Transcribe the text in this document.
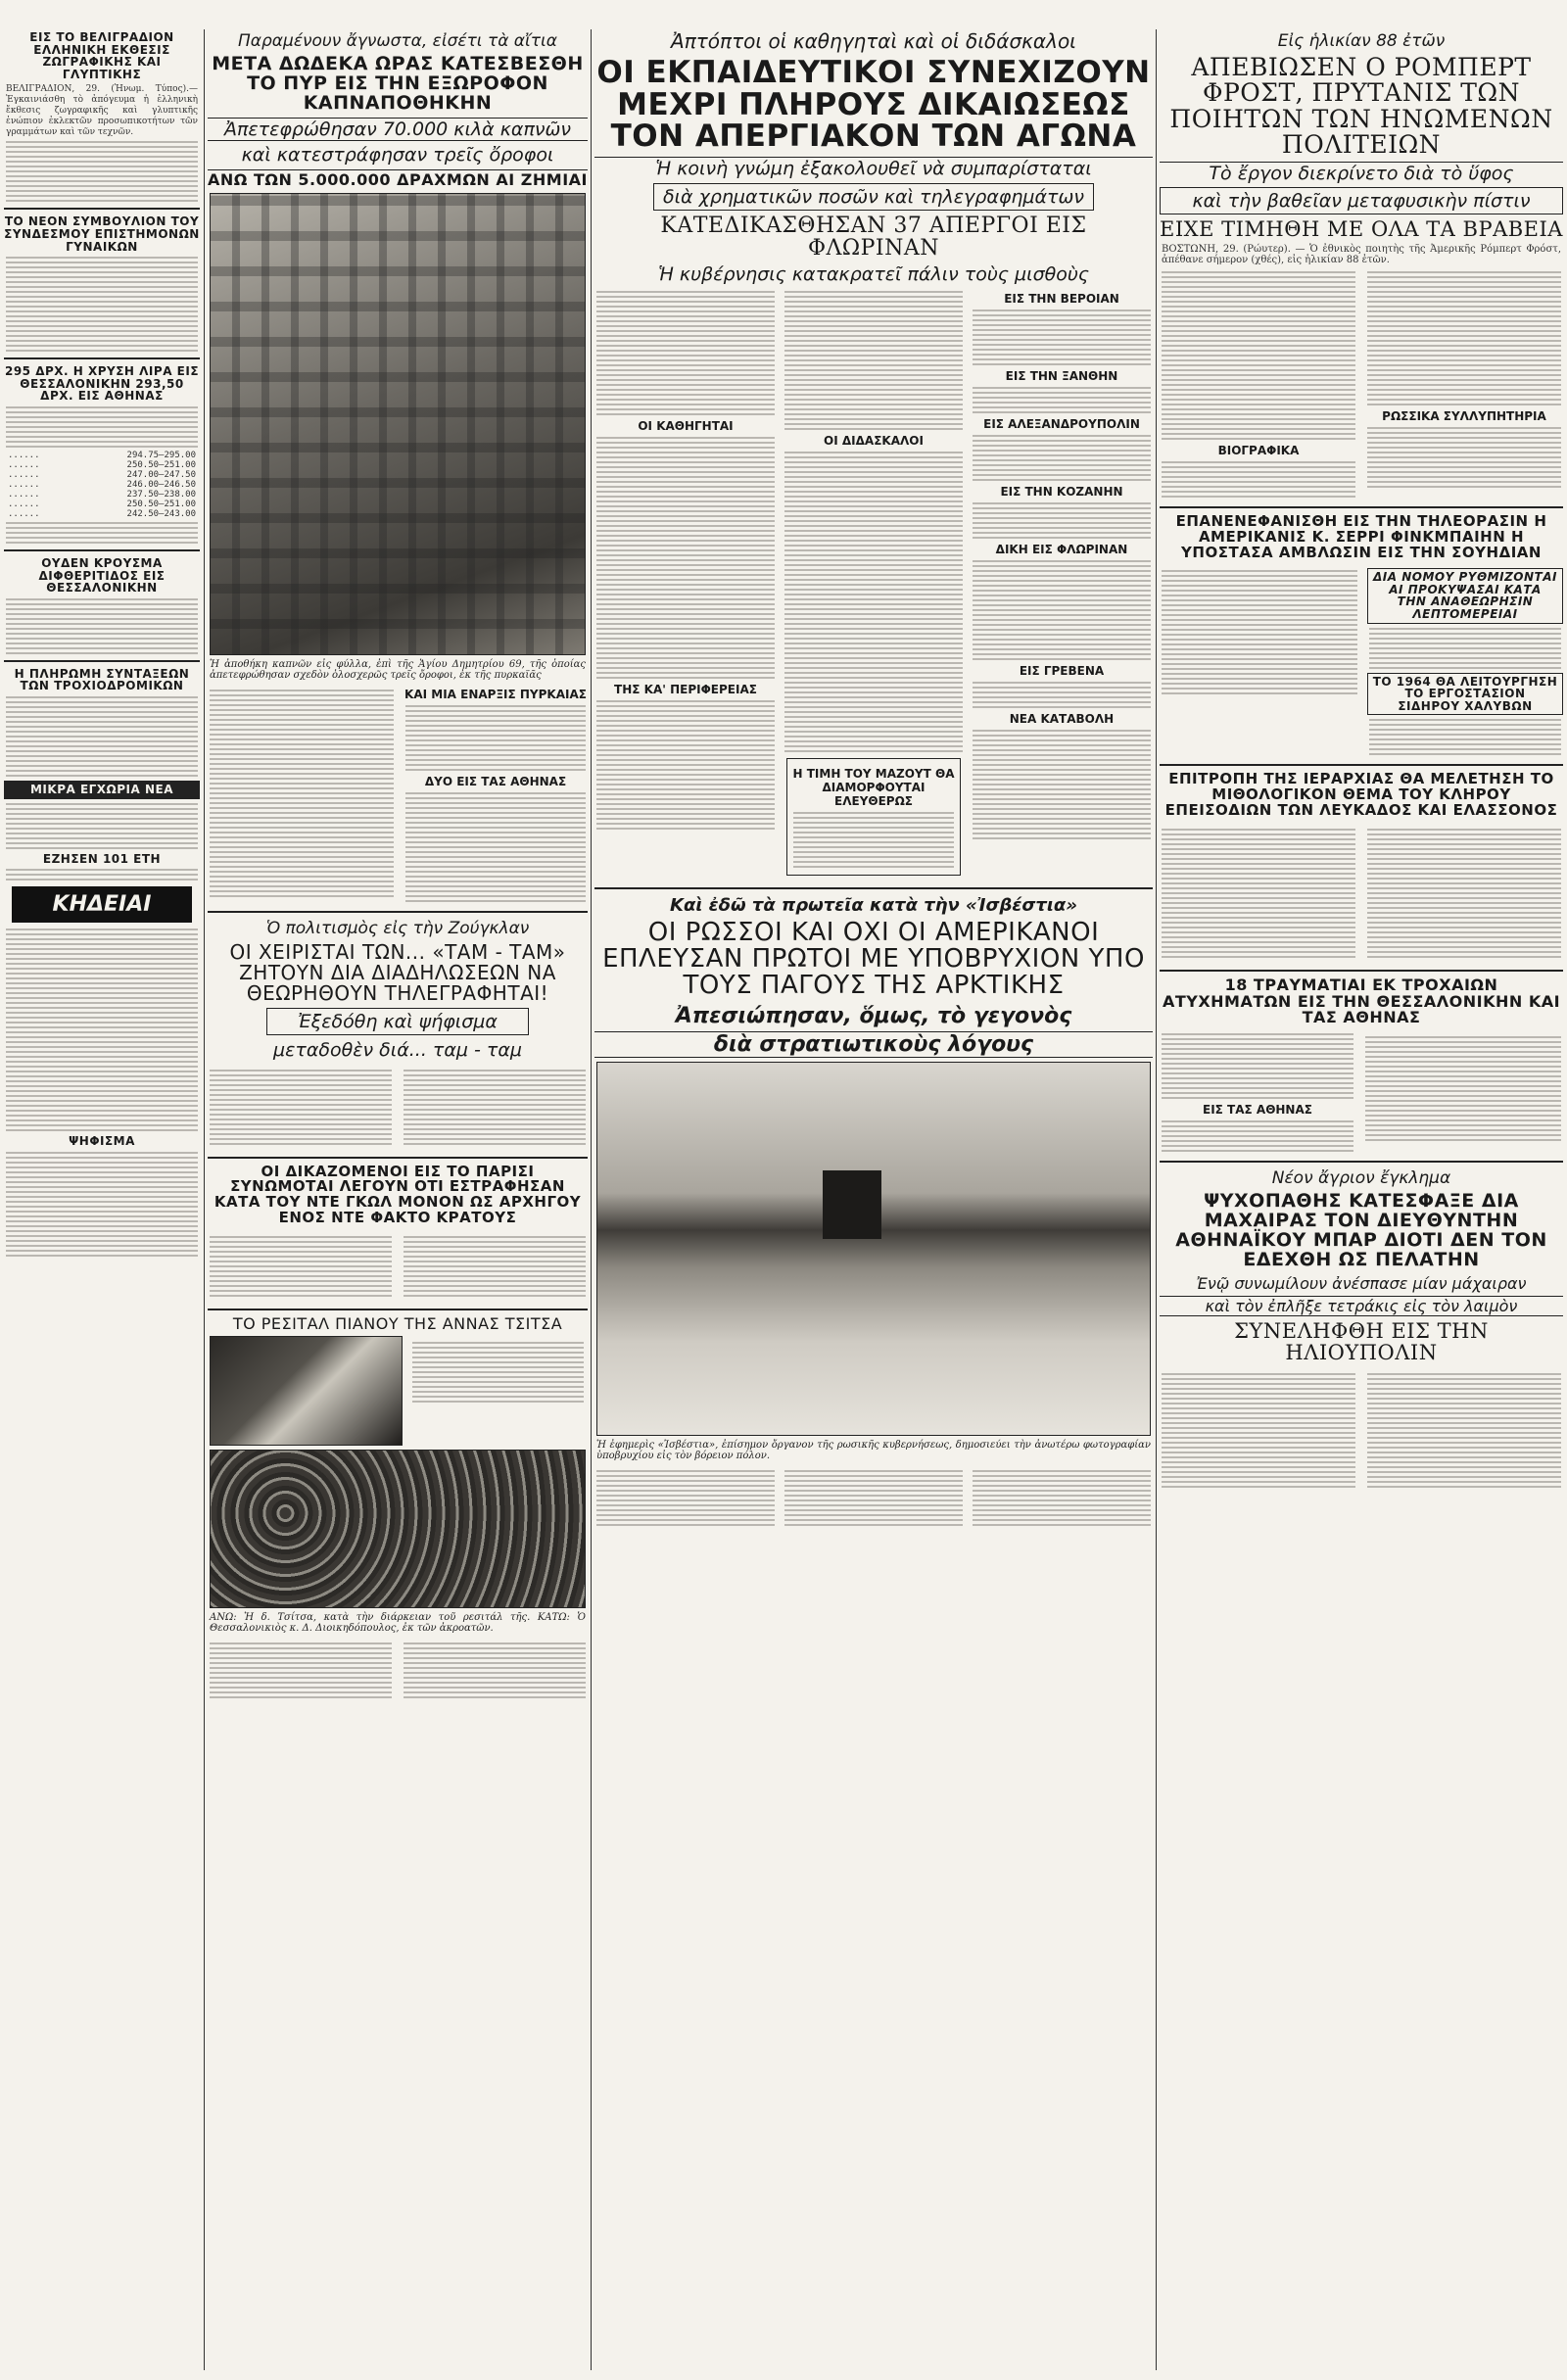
ΕΙΣ ΤΟ ΒΕΛΙΓΡΑΔΙΟΝ ΕΛΛΗΝΙΚΗ ΕΚΘΕΣΙΣ ΖΩΓΡΑΦΙΚΗΣ ΚΑΙ ΓΛΥΠΤΙΚΗΣ
ΒΕΛΙΓΡΑΔΙΟΝ, 29. (Ἠνωμ. Τύπος).— Ἐγκαινιάσθη τὸ ἀπόγευμα ἡ ἐλληνικὴ ἔκθεσις ζωγραφικῆς καὶ γλυπτικῆς ἐνώπιον ἐκλεκτῶν προσωπικοτήτων τῶν γραμμάτων καὶ τῶν τεχνῶν.
ΤΟ ΝΕΟΝ ΣΥΜΒΟΥΛΙΟΝ ΤΟΥ ΣΥΝΔΕΣΜΟΥ ΕΠΙΣΤΗΜΟΝΩΝ ΓΥΝΑΙΚΩΝ
295 ΔΡΧ. Η ΧΡΥΣΗ ΛΙΡΑ ΕΙΣ ΘΕΣΣΑΛΟΝΙΚΗΝ 293,50 ΔΡΧ. ΕΙΣ ΑΘΗΝΑΣ
......	294.75—295.00
......	250.50—251.00
......	247.00—247.50
......	246.00—246.50
......	237.50—238.00
......	250.50—251.00
......	242.50—243.00
ΟΥΔΕΝ ΚΡΟΥΣΜΑ ΔΙΦΘΕΡΙΤΙΔΟΣ ΕΙΣ ΘΕΣΣΑΛΟΝΙΚΗΝ
Η ΠΛΗΡΩΜΗ ΣΥΝΤΑΞΕΩΝ ΤΩΝ ΤΡΟΧΙΟΔΡΟΜΙΚΩΝ
ΜΙΚΡΑ ΕΓΧΩΡΙΑ ΝΕΑ
ΕΖΗΣΕΝ 101 ΕΤΗ
ΚΗΔΕΙΑΙ
ΨΗΦΙΣΜΑ
Παραμένουν ἄγνωστα, εἰσέτι τὰ αἴτια
ΜΕΤΑ ΔΩΔΕΚΑ ΩΡΑΣ ΚΑΤΕΣΒΕΣΘΗ ΤΟ ΠΥΡ ΕΙΣ ΤΗΝ ΕΞΩΡΟΦΟΝ ΚΑΠΝΑΠΟΘΗΚΗΝ
Ἀπετεφρώθησαν 70.000 κιλὰ καπνῶν
καὶ κατεστράφησαν τρεῖς ὄροφοι
ΑΝΩ ΤΩΝ 5.000.000 ΔΡΑΧΜΩΝ ΑΙ ΖΗΜΙΑΙ
Ἡ ἀποθήκη καπνῶν εἰς φύλλα, ἐπὶ τῆς Ἁγίου Δημητρίου 69, τῆς ὁποίας ἀπετεφρώθησαν σχεδὸν ὁλοσχερῶς τρεῖς ὄροφοι, ἐκ τῆς πυρκαϊᾶς
ΚΑΙ ΜΙΑ ΕΝΑΡΞΙΣ ΠΥΡΚΑΙΑΣ
ΔΥΟ ΕΙΣ ΤΑΣ ΑΘΗΝΑΣ
Ὁ πολιτισμὸς εἰς τὴν Ζούγκλαν
ΟΙ ΧΕΙΡΙΣΤΑΙ ΤΩΝ... «ΤΑΜ - ΤΑΜ» ΖΗΤΟΥΝ ΔΙΑ ΔΙΑΔΗΛΩΣΕΩΝ ΝΑ ΘΕΩΡΗΘΟΥΝ ΤΗΛΕΓΡΑΦΗΤΑΙ!
Ἐξεδόθη καὶ ψήφισμα
μεταδοθὲν διά... ταμ - ταμ
ΟΙ ΔΙΚΑΖΟΜΕΝΟΙ ΕΙΣ ΤΟ ΠΑΡΙΣΙ ΣΥΝΩΜΟΤΑΙ ΛΕΓΟΥΝ ΟΤΙ ΕΣΤΡΑΦΗΣΑΝ ΚΑΤΑ ΤΟΥ ΝΤΕ ΓΚΩΛ ΜΟΝΟΝ ΩΣ ΑΡΧΗΓΟΥ ΕΝΟΣ ΝΤΕ ΦΑΚΤΟ ΚΡΑΤΟΥΣ
ΤΟ ΡΕΣΙΤΑΛ ΠΙΑΝΟΥ ΤΗΣ ΑΝΝΑΣ ΤΣΙΤΣΑ
ΑΝΩ: Ἡ δ. Τσίτσα, κατὰ τὴν διάρκειαν τοῦ ρεσιτάλ τῆς. ΚΑΤΩ: Ὁ Θεσσαλονικιὸς κ. Δ. Διοικηδόπουλος, ἐκ τῶν ἀκροατῶν.
Ἀπτόπτοι οἱ καθηγηταὶ καὶ οἱ διδάσκαλοι
ΟΙ ΕΚΠΑΙΔΕΥΤΙΚΟΙ ΣΥΝΕΧΙΖΟΥΝ ΜΕΧΡΙ ΠΛΗΡΟΥΣ ΔΙΚΑΙΩΣΕΩΣ ΤΟΝ ΑΠΕΡΓΙΑΚΟΝ ΤΩΝ ΑΓΩΝΑ
Ἡ κοινὴ γνώμη ἐξακολουθεῖ νὰ συμπαρίσταται
διὰ χρηματικῶν ποσῶν καὶ τηλεγραφημάτων
ΚΑΤΕΔΙΚΑΣΘΗΣΑΝ 37 ΑΠΕΡΓΟΙ ΕΙΣ ΦΛΩΡΙΝΑΝ
Ἡ κυβέρνησις κατακρατεῖ πάλιν τοὺς μισθοὺς
ΟΙ ΚΑΘΗΓΗΤΑΙ
ΤΗΣ ΚΑ' ΠΕΡΙΦΕΡΕΙΑΣ
ΟΙ ΔΙΔΑΣΚΑΛΟΙ
Η ΤΙΜΗ ΤΟΥ ΜΑΖΟΥΤ ΘΑ ΔΙΑΜΟΡΦΟΥΤΑΙ ΕΛΕΥΘΕΡΩΣ
ΕΙΣ ΤΗΝ ΒΕΡΟΙΑΝ
ΕΙΣ ΤΗΝ ΞΑΝΘΗΝ
ΕΙΣ ΑΛΕΞΑΝΔΡΟΥΠΟΛΙΝ
ΕΙΣ ΤΗΝ ΚΟΖΑΝΗΝ
ΔΙΚΗ ΕΙΣ ΦΛΩΡΙΝΑΝ
ΕΙΣ ΓΡΕΒΕΝΑ
ΝΕΑ ΚΑΤΑΒΟΛΗ
Καὶ ἐδῶ τὰ πρωτεῖα κατὰ τὴν «Ἰσβέστια»
ΟΙ ΡΩΣΣΟΙ ΚΑΙ ΟΧΙ ΟΙ ΑΜΕΡΙΚΑΝΟΙ ΕΠΛΕΥΣΑΝ ΠΡΩΤΟΙ ΜΕ ΥΠΟΒΡΥΧΙΟΝ ΥΠΟ ΤΟΥΣ ΠΑΓΟΥΣ ΤΗΣ ΑΡΚΤΙΚΗΣ
Ἀπεσιώπησαν, ὅμως, τὸ γεγονὸς
διὰ στρατιωτικοὺς λόγους
Ἡ ἐφημερὶς «Ἰσβέστια», ἐπίσημον ὄργανον τῆς ρωσικῆς κυβερνήσεως, δημοσιεύει τὴν ἀνωτέρω φωτογραφίαν ὑποβρυχίου εἰς τὸν βόρειον πόλον.
Εἰς ἡλικίαν 88 ἐτῶν
ΑΠΕΒΙΩΣΕΝ Ο ΡΟΜΠΕΡΤ ΦΡΟΣΤ, ΠΡΥΤΑΝΙΣ ΤΩΝ ΠΟΙΗΤΩΝ ΤΩΝ ΗΝΩΜΕΝΩΝ ΠΟΛΙΤΕΙΩΝ
Τὸ ἔργον διεκρίνετο διὰ τὸ ὕφος
καὶ τὴν βαθεῖαν μεταφυσικὴν πίστιν
ΕΙΧΕ ΤΙΜΗΘΗ ΜΕ ΟΛΑ ΤΑ ΒΡΑΒΕΙΑ
ΒΟΣΤΩΝΗ, 29. (Ρώυτερ). — Ὁ ἐθνικὸς ποιητὴς τῆς Ἀμερικῆς Ρόμπερτ Φρόστ, ἀπέθανε σήμερον (χθές), εἰς ἡλικίαν 88 ἐτῶν.
ΒΙΟΓΡΑΦΙΚΑ
ΡΩΣΣΙΚΑ ΣΥΛΛΥΠΗΤΗΡΙΑ
ΕΠΑΝΕΝΕΦΑΝΙΣΘΗ ΕΙΣ ΤΗΝ ΤΗΛΕΟΡΑΣΙΝ Η ΑΜΕΡΙΚΑΝΙΣ Κ. ΣΕΡΡΙ ΦΙΝΚΜΠΑΙΗΝ Η ΥΠΟΣΤΑΣΑ ΑΜΒΛΩΣΙΝ ΕΙΣ ΤΗΝ ΣΟΥΗΔΙΑΝ
ΔΙΑ ΝΟΜΟΥ ΡΥΘΜΙΖΟΝΤΑΙ ΑΙ ΠΡΟΚΥΨΑΣΑΙ ΚΑΤΑ ΤΗΝ ΑΝΑΘΕΩΡΗΣΙΝ ΛΕΠΤΟΜΕΡΕΙΑΙ
ΤΟ 1964 ΘΑ ΛΕΙΤΟΥΡΓΗΣΗ ΤΟ ΕΡΓΟΣΤΑΣΙΟΝ ΣΙΔΗΡΟΥ ΧΑΛΥΒΩΝ
ΕΠΙΤΡΟΠΗ ΤΗΣ ΙΕΡΑΡΧΙΑΣ ΘΑ ΜΕΛΕΤΗΣΗ ΤΟ ΜΙΘΟΛΟΓΙΚΟΝ ΘΕΜΑ ΤΟΥ ΚΛΗΡΟΥ ΕΠΕΙΣΟΔΙΩΝ ΤΩΝ ΛΕΥΚΑΔΟΣ ΚΑΙ ΕΛΑΣΣΟΝΟΣ
18 ΤΡΑΥΜΑΤΙΑΙ ΕΚ ΤΡΟΧΑΙΩΝ ΑΤΥΧΗΜΑΤΩΝ ΕΙΣ ΤΗΝ ΘΕΣΣΑΛΟΝΙΚΗΝ ΚΑΙ ΤΑΣ ΑΘΗΝΑΣ
ΕΙΣ ΤΑΣ ΑΘΗΝΑΣ
Νέον ἄγριον ἔγκλημα
ΨΥΧΟΠΑΘΗΣ ΚΑΤΕΣΦΑΞΕ ΔΙΑ ΜΑΧΑΙΡΑΣ ΤΟΝ ΔΙΕΥΘΥΝΤΗΝ ΑΘΗΝΑΪΚΟΥ ΜΠΑΡ ΔΙΟΤΙ ΔΕΝ ΤΟΝ ΕΔΕΧΘΗ ΩΣ ΠΕΛΑΤΗΝ
Ἐνῷ συνωμίλουν ἀνέσπασε μίαν μάχαιραν
καὶ τὸν ἐπλῆξε τετράκις εἰς τὸν λαιμὸν
ΣΥΝΕΛΗΦΘΗ ΕΙΣ ΤΗΝ ΗΛΙΟΥΠΟΛΙΝ
